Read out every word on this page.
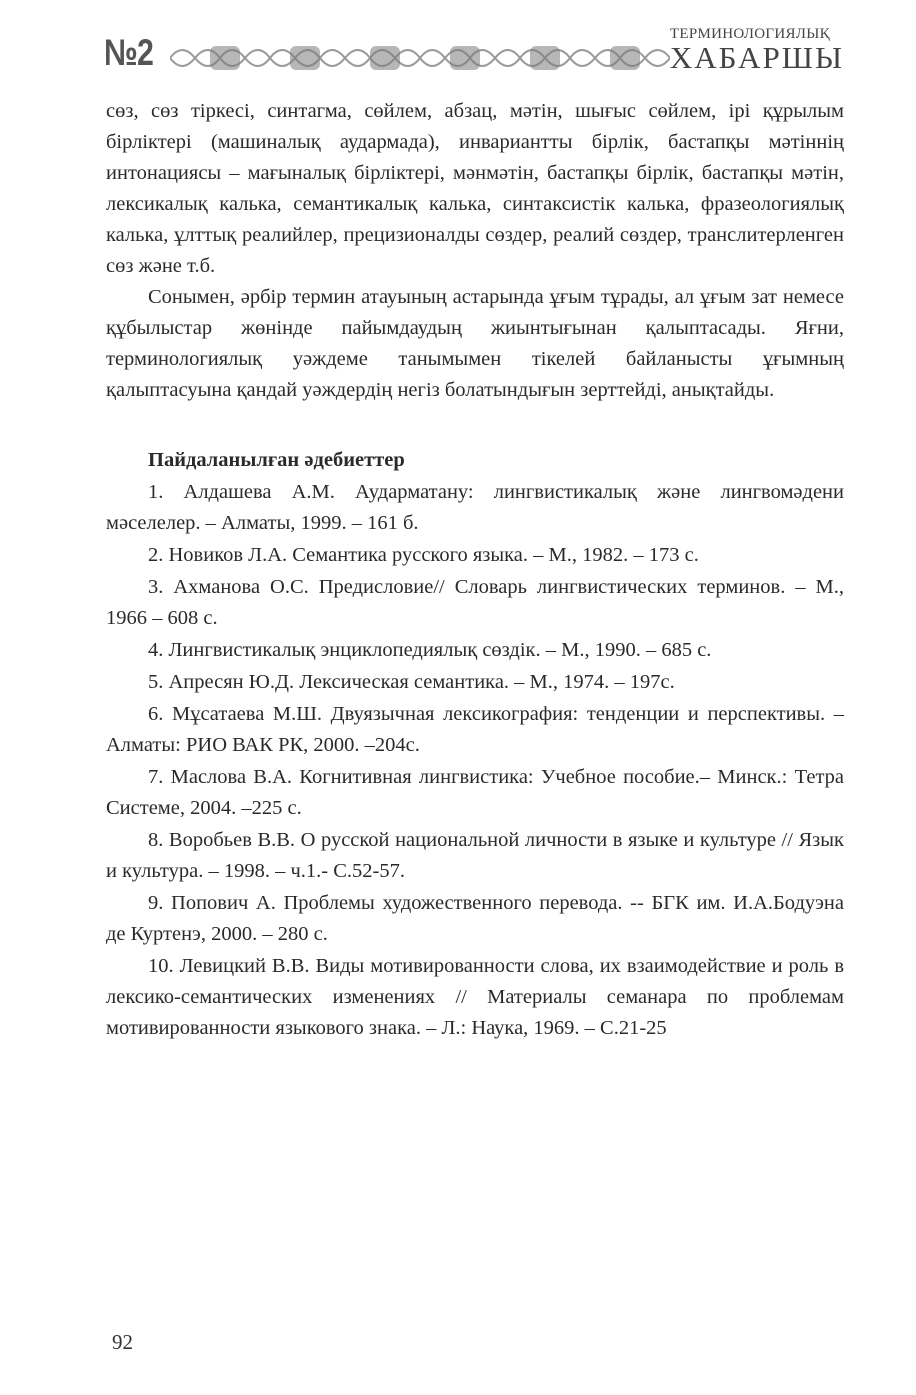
№2	ТЕРМИНОЛОГИЯЛЫҚ
ХАБАРШЫ

сөз, сөз тіркесі, синтагма, сөйлем, абзац, мәтін, шығыс сөйлем, ірі құрылым бірліктері (машиналық аудармада), инвариантты бірлік, бастапқы мәтіннің интонациясы – мағыналық бірліктері, мәнмәтін, бастапқы бірлік, бастапқы мәтін, лексикалық калька, семантикалық калька, синтаксистік калька, фразеологиялық калька, ұлттық реалийлер, прецизионалды сөздер, реалий сөздер, транслитерленген сөз және т.б.

Сонымен, әрбір термин атауының астарында ұғым тұрады, ал ұғым зат немесе құбылыстар жөнінде пайымдаудың жиынтығынан қалыптасады. Яғни, терминологиялық уәждеме танымымен тікелей байланысты ұғымның қалыптасуына қандай уәждердің негіз болатындығын зерттейді, анықтайды.

Пайдаланылған әдебиеттер

1. Алдашева А.М. Аударматану: лингвистикалық және лингвомәдени мәселелер. – Алматы, 1999. – 161 б.

2. Новиков Л.А. Семантика русского языка. – М., 1982. – 173 с.

3. Ахманова О.С. Предисловие// Словарь лингвистических терминов. – М., 1966 – 608 с.

4. Лингвистикалық энциклопедиялық сөздік. – М., 1990. – 685 с.

5. Апресян Ю.Д. Лексическая семантика. – М., 1974. – 197с.

6. Мұсатаева М.Ш. Двуязычная лексикография: тенденции и перспективы. – Алматы: РИО ВАК РК, 2000. –204с.

7. Маслова В.А. Когнитивная лингвистика: Учебное пособие.– Минск.: Тетра Системе, 2004. –225 с.

8. Воробьев В.В. О русской национальной личности в языке и культуре // Язык и культура. – 1998. – ч.1.- С.52-57.

9. Попович А. Проблемы художественного перевода. -- БГК им. И.А.Бодуэна де Куртенэ, 2000. – 280 с.

10. Левицкий В.В. Виды мотивированности слова, их взаимодействие и роль в лексико-семантических изменениях // Материалы семанара по проблемам мотивированности языкового знака. – Л.: Наука, 1969. – С.21-25

92
